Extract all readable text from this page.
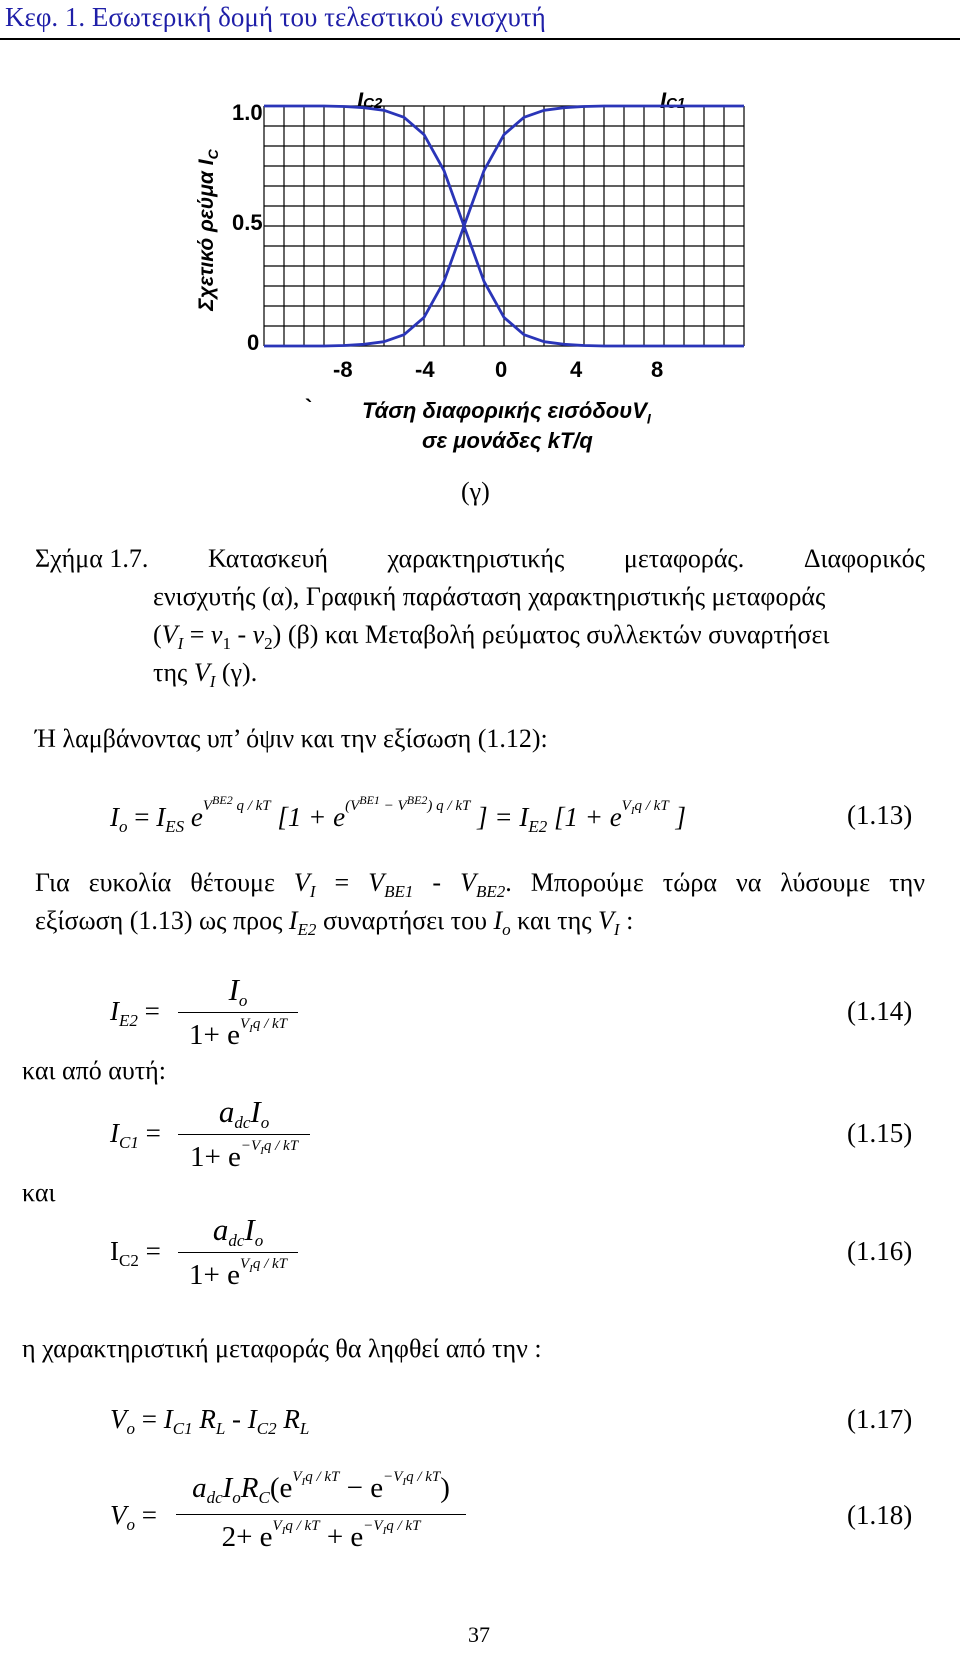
Κεφ. 1. Εσωτερική δομή του τελεστικού ενισχυτή
Σχετικό ρεύμα $I_C$
1.0
0.5
0
IC2	IC1
-8	-4	0	4	8
` Τάση διαφορικής εισόδουV$_I$
σε μονάδες kT/q
(γ)
Σχήμα 1.7. Κατασκευή χαρακτηριστικής μεταφοράς. Διαφορικός
ενισχυτής (α), Γραφική παράσταση χαρακτηριστικής μεταφοράς
$(V_I = v_1 - v_2)$ (β) και Μεταβολή ρεύματος συλλεκτών συναρτήσει
της $V_I$ (γ).
Ή λαμβάνοντας υπ’ όψιν και την εξίσωση (1.12):
$I_o = I_{ES}$ $e^{V^{BE2} q / kT}$ [$1 + e^{(V^{BE1} - V^{BE2}) q / kT}$ ] = $I_{E2}$ [$1 + e^{V_Iq / kT}$ ]	(1.13)
Για ευκολία θέτουμε $V_I = V_{BE1} - V_{BE2}$. Μπορούμε τώρα να λύσουμε την
εξίσωση (1.13) ως προς $I_{E2}$ συναρτήσει του $I_o$ και της $V_I$ :
$I_{E2}$ =
$I_o$
$1+ e^{V_Iq / kT}$	(1.14)
και από αυτή:
$I_{C1}$ =
$a_{dc}I_o$
$1+ e^{-V_Iq / kT}$	(1.15)
και
$I_{C2}$ =
$a_{dc}I_o$
$1+ e^{V_Iq / kT}$	(1.16)
η χαρακτηριστική μεταφοράς θα ληφθεί από την :
$V_o = I_{C1}$ $R_L - I_{C2}$ $R_L$	(1.17)
$V_o$ =
$a_{dc}I_oR_C(e^{V_Iq / kT} - e^{-V_Iq / kT})$
$2+ e^{V_Iq / kT} + e^{-V_Iq / kT}$	(1.18)
37
